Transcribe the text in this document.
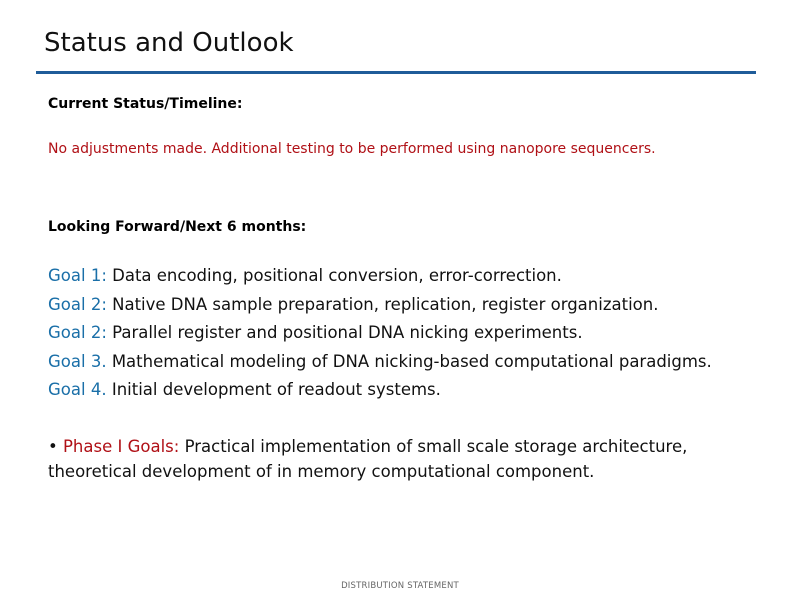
Status and Outlook
Current Status/Timeline:
No adjustments made. Additional testing to be performed using nanopore sequencers.
Looking Forward/Next 6 months:
Goal 1: Data encoding, positional conversion, error-correction.
Goal 2: Native DNA sample preparation, replication, register organization.
Goal 2: Parallel register and positional DNA nicking experiments.
Goal 3. Mathematical modeling of DNA nicking-based computational paradigms.
Goal 4. Initial development of readout systems.
• Phase I Goals: Practical implementation of small scale storage architecture, theoretical development of in memory computational component.
DISTRIBUTION STATEMENT
